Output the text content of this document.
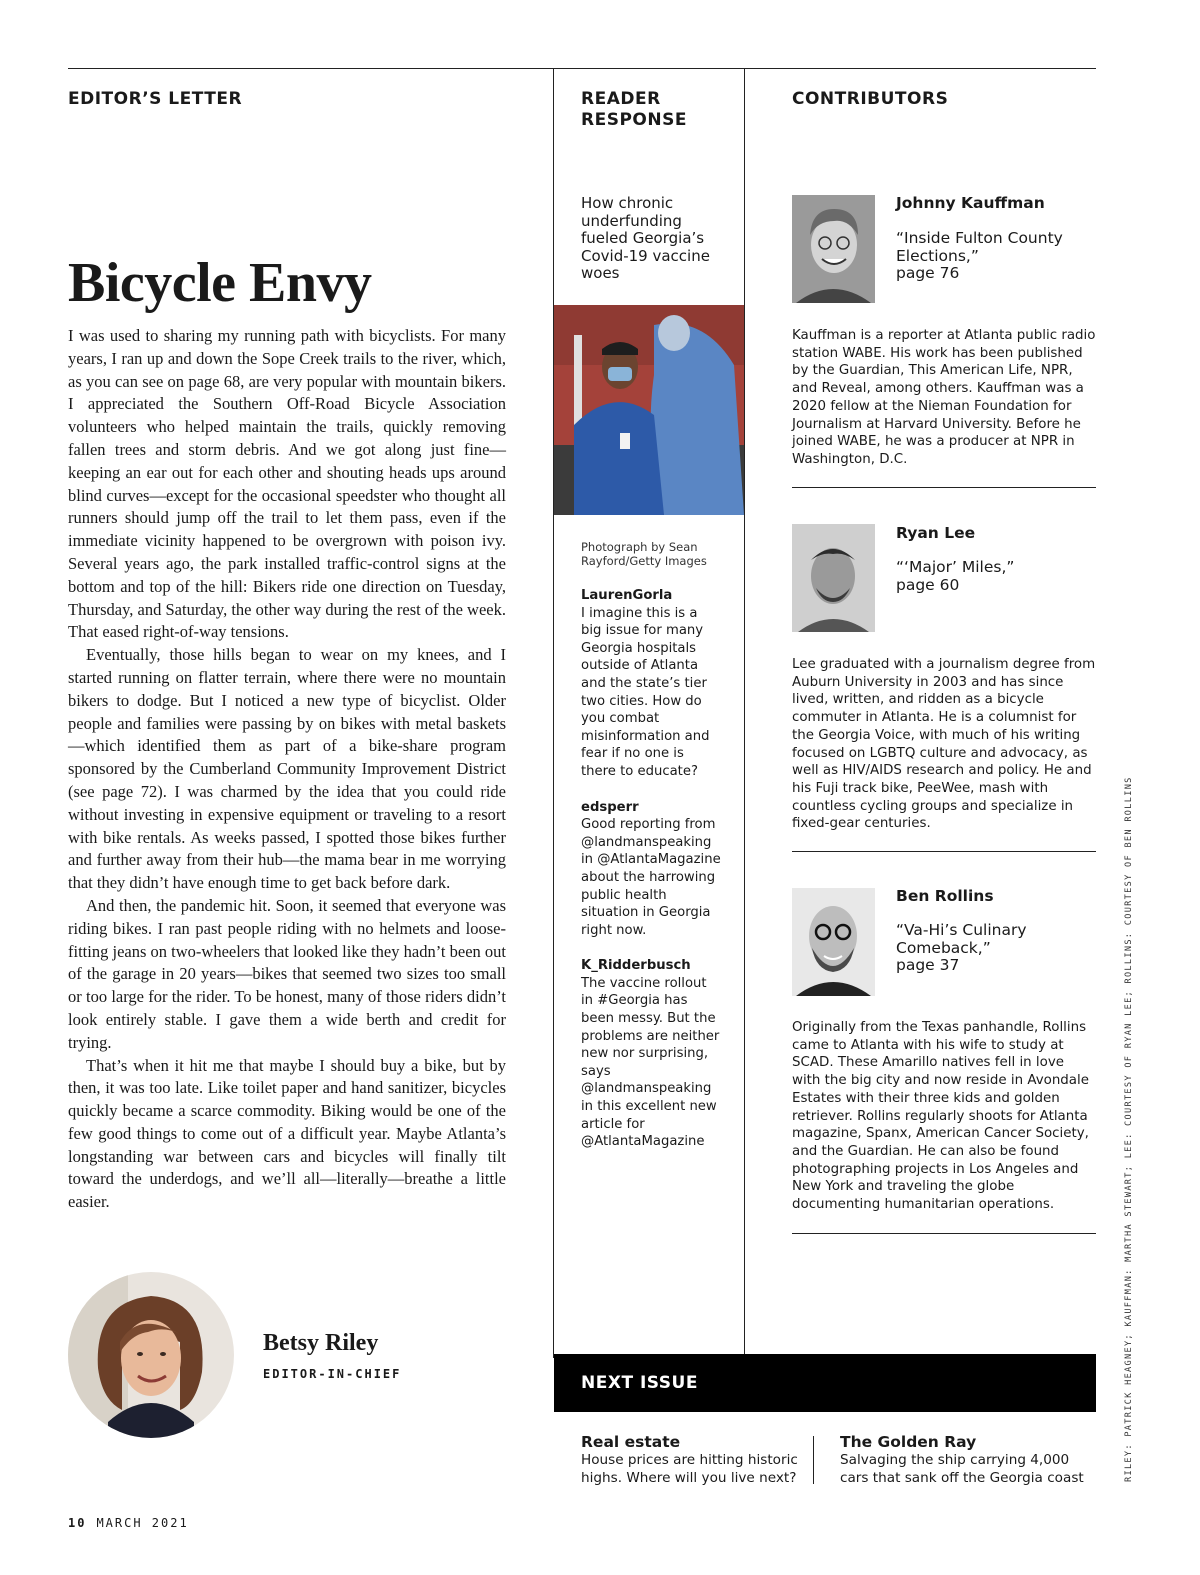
EDITOR’S LETTER
Bicycle Envy

I was used to sharing my running path with bicyclists. For many years, I ran up and down the Sope Creek trails to the river, which, as you can see on page 68, are very popular with mountain bikers. I appreciated the Southern Off-Road Bicycle Association volunteers who helped maintain the trails, quickly removing fallen trees and storm debris. And we got along just fine—keeping an ear out for each other and shouting heads ups around blind curves—except for the occasional speedster who thought all runners should jump off the trail to let them pass, even if the immediate vicinity happened to be overgrown with poison ivy. Several years ago, the park installed traffic-control signs at the bottom and top of the hill: Bikers ride one direction on Tuesday, Thursday, and Saturday, the other way during the rest of the week. That eased right-of-way tensions.

Eventually, those hills began to wear on my knees, and I started running on flatter terrain, where there were no mountain bikers to dodge. But I noticed a new type of bicyclist. Older people and families were passing by on bikes with metal baskets—which identified them as part of a bike-share program sponsored by the Cumberland Community Improvement District (see page 72). I was charmed by the idea that you could ride without investing in expensive equipment or traveling to a resort with bike rentals. As weeks passed, I spotted those bikes further and further away from their hub—the mama bear in me worrying that they didn’t have enough time to get back before dark.

And then, the pandemic hit. Soon, it seemed that everyone was riding bikes. I ran past people riding with no helmets and loose-fitting jeans on two-wheelers that looked like they hadn’t been out of the garage in 20 years—bikes that seemed two sizes too small or too large for the rider. To be honest, many of those riders didn’t look entirely stable. I gave them a wide berth and credit for trying.

That’s when it hit me that maybe I should buy a bike, but by then, it was too late. Like toilet paper and hand sanitizer, bicycles quickly became a scarce commodity. Biking would be one of the few good things to come out of a difficult year. Maybe Atlanta’s longstanding war between cars and bicycles will finally tilt toward the underdogs, and we’ll all—literally—breathe a little easier.

Betsy Riley
EDITOR-IN-CHIEF
READER
RESPONSE
How chronic underfunding fueled Georgia’s Covid-19 vaccine woes
Photograph by Sean Rayford/Getty Images
LaurenGorla
I imagine this is a big issue for many Georgia hospitals outside of Atlanta and the state’s tier two cities. How do you combat misinformation and fear if no one is there to educate?
edsperr
Good reporting from @landmanspeaking in @AtlantaMagazine about the harrowing public health situation in Georgia right now.
K_Ridderbusch
The vaccine rollout in #Georgia has been messy. But the problems are neither new nor surprising, says @landmanspeaking in this excellent new article for @AtlantaMagazine
CONTRIBUTORS
Johnny Kauffman
“Inside Fulton County Elections,”
page 76
Kauffman is a reporter at Atlanta public radio station WABE. His work has been published by the Guardian, This American Life, NPR, and Reveal, among others. Kauffman was a 2020 fellow at the Nieman Foundation for Journalism at Harvard University. Before he joined WABE, he was a producer at NPR in Washington, D.C.
Ryan Lee
“‘Major’ Miles,”
page 60
Lee graduated with a journalism degree from Auburn University in 2003 and has since lived, written, and ridden as a bicycle commuter in Atlanta. He is a columnist for the Georgia Voice, with much of his writing focused on LGBTQ culture and advocacy, as well as HIV/AIDS research and policy. He and his Fuji track bike, PeeWee, mash with countless cycling groups and specialize in fixed-gear centuries.
Ben Rollins
“Va-Hi’s Culinary Comeback,”
page 37
Originally from the Texas panhandle, Rollins came to Atlanta with his wife to study at SCAD. These Amarillo natives fell in love with the big city and now reside in Avondale Estates with their three kids and golden retriever. Rollins regularly shoots for Atlanta magazine, Spanx, American Cancer Society, and the Guardian. He can also be found photographing projects in Los Angeles and New York and traveling the globe documenting humanitarian operations.
NEXT ISSUE
Real estate
House prices are hitting historic highs. Where will you live next?
The Golden Ray
Salvaging the ship carrying 4,000 cars that sank off the Georgia coast
10 MARCH 2021
RILEY: PATRICK HEAGNEY; KAUFFMAN: MARTHA STEWART; LEE: COURTESY OF RYAN LEE; ROLLINS: COURTESY OF BEN ROLLINS
